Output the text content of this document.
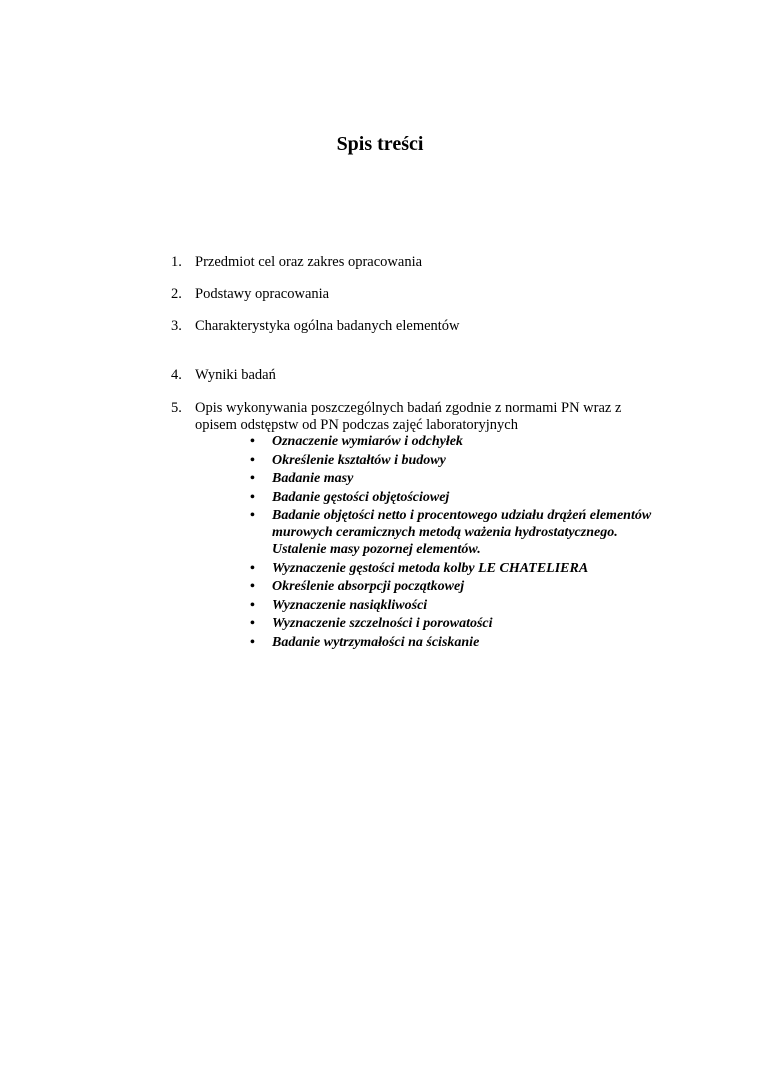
Spis treści
1. Przedmiot cel oraz zakres opracowania
2. Podstawy opracowania
3. Charakterystyka ogólna badanych elementów
4. Wyniki badań
5. Opis wykonywania poszczególnych badań zgodnie z normami PN wraz z opisem odstępstw od PN podczas zajęć laboratoryjnych
• Oznaczenie wymiarów i odchyłek
• Określenie kształtów i budowy
• Badanie masy
• Badanie gęstości objętościowej
• Badanie objętości netto i procentowego udziału drążeń elementów murowych ceramicznych metodą ważenia hydrostatycznego. Ustalenie masy pozornej elementów.
• Wyznaczenie gęstości metoda kolby LE CHATELIERA
• Określenie absorpcji początkowej
• Wyznaczenie nasiąkliwości
• Wyznaczenie szczelności i porowatości
• Badanie wytrzymałości na ściskanie
